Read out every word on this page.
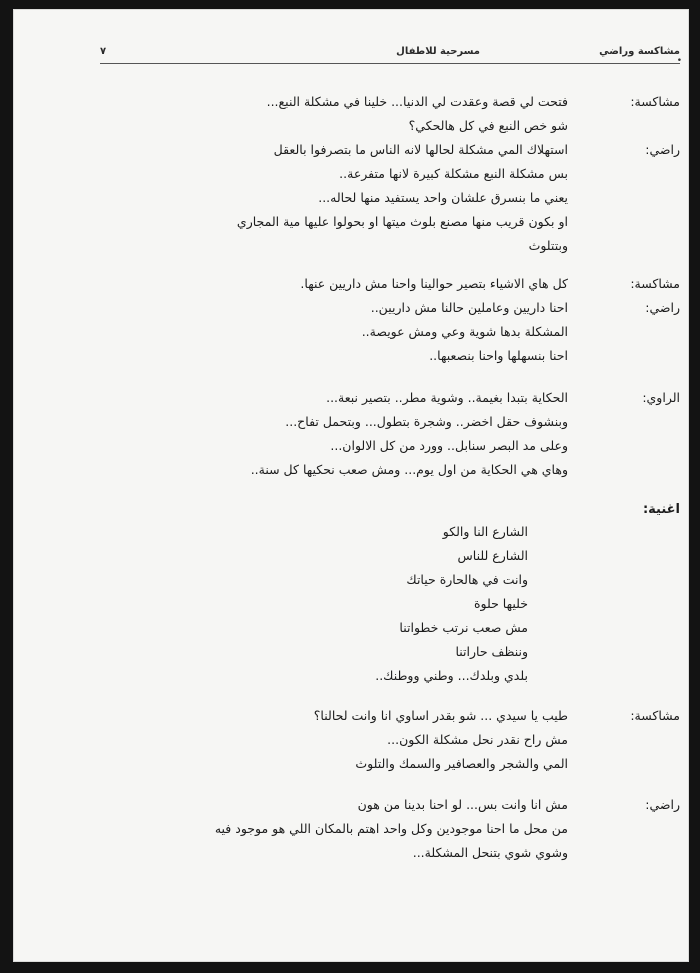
مشاكسة وراضي
مسرحية للاطفال
٧
•
مشاكسة:
فتحت لي قصة وعقدت لي الدنيا... خلينا في مشكلة النبع...
شو خص النبع في كل هالحكي؟
راضي:
استهلاك المي مشكلة لحالها لانه الناس ما بتصرفوا بالعقل
بس مشكلة النبع مشكلة كبيرة لانها متفرعة..
يعني ما بنسرق علشان واحد يستفيد منها لحاله...
او بكون قريب منها مصنع بلوث ميتها او بحولوا عليها مية المجاري
وبتتلوث
مشاكسة:
راضي:
كل هاي الاشياء بتصير حوالينا واحنا مش داريين عنها.
احنا داريين وعاملين حالنا مش داريين..
المشكلة بدها شوية وعي ومش عويصة..
احنا بنسهلها واحنا بنصعبها..
الراوي:
الحكاية بتبدا بغيمة.. وشوية مطر.. بتصير نبعة...
وبنشوف حقل اخضر.. وشجرة بتطول... وبتحمل تفاح...
وعلى مد البصر سنابل.. وورد من كل الالوان...
وهاي هي الحكاية من اول يوم... ومش صعب نحكيها كل سنة..
اغنية:
الشارع النا والكو
الشارع للناس
وانت في هالحارة حياتك
خليها حلوة
مش صعب نرتب خطواتنا
وننظف حاراتنا
بلدي وبلدك... وطني ووطنك..
مشاكسة:
طيب يا سيدي ... شو بقدر اساوي انا وانت لحالنا؟
مش راح نقدر نحل مشكلة الكون...
المي والشجر والعصافير والسمك والتلوث
راضي:
مش انا وانت بس... لو احنا بدينا من هون
من محل ما احنا موجودين وكل واحد اهتم بالمكان اللي هو موجود فيه
وشوي شوي بتنحل المشكلة...
